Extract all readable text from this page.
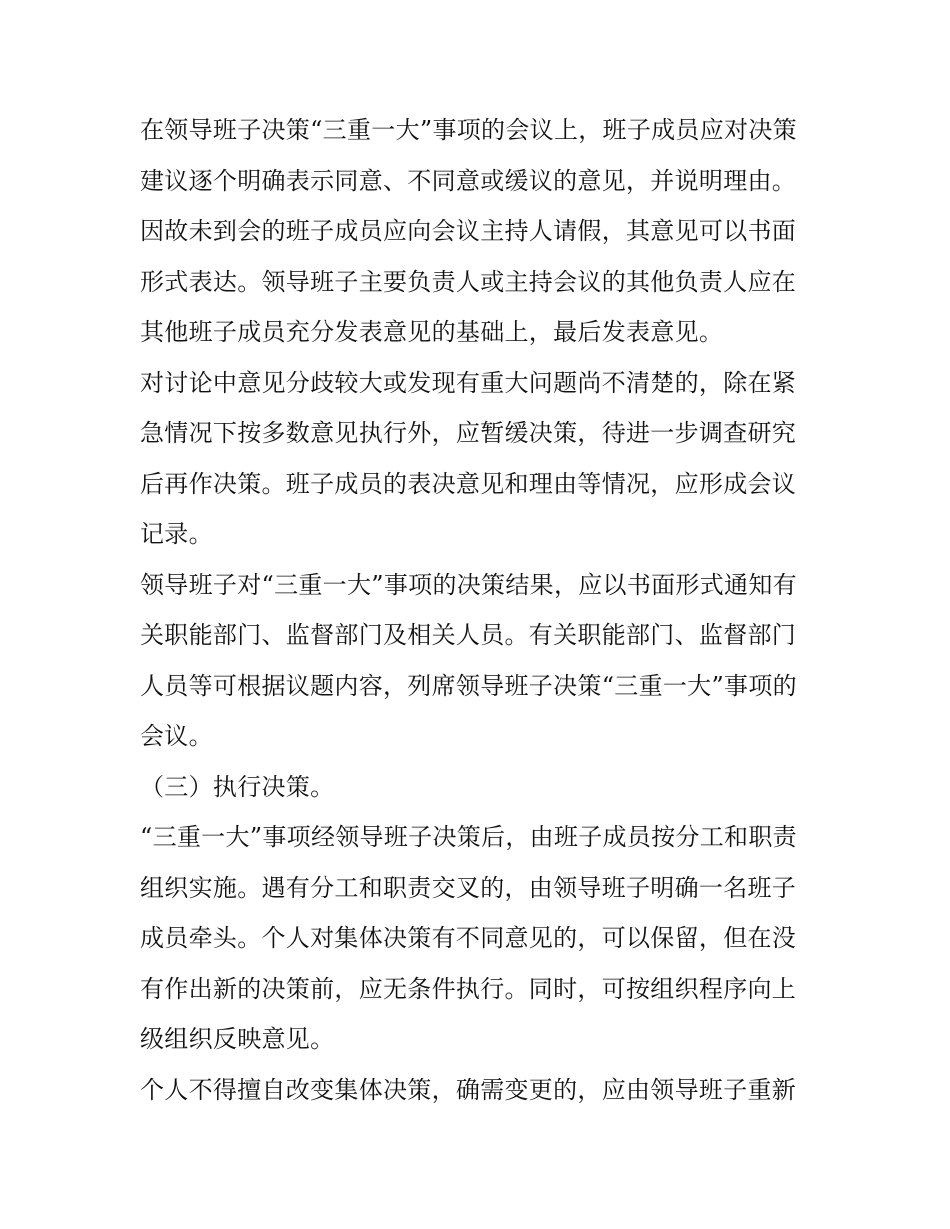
在领导班子决策“三重一大”事项的会议上，班子成员应对决策
建议逐个明确表示同意、不同意或缓议的意见，并说明理由。
因故未到会的班子成员应向会议主持人请假，其意见可以书面
形式表达。领导班子主要负责人或主持会议的其他负责人应在
其他班子成员充分发表意见的基础上，最后发表意见。
对讨论中意见分歧较大或发现有重大问题尚不清楚的，除在紧
急情况下按多数意见执行外，应暂缓决策，待进一步调查研究
后再作决策。班子成员的表决意见和理由等情况，应形成会议
记录。
领导班子对“三重一大”事项的决策结果，应以书面形式通知有
关职能部门、监督部门及相关人员。有关职能部门、监督部门
人员等可根据议题内容，列席领导班子决策“三重一大”事项的
会议。
（三）执行决策。
“三重一大”事项经领导班子决策后，由班子成员按分工和职责
组织实施。遇有分工和职责交叉的，由领导班子明确一名班子
成员牵头。个人对集体决策有不同意见的，可以保留，但在没
有作出新的决策前，应无条件执行。同时，可按组织程序向上
级组织反映意见。
个人不得擅自改变集体决策，确需变更的，应由领导班子重新
